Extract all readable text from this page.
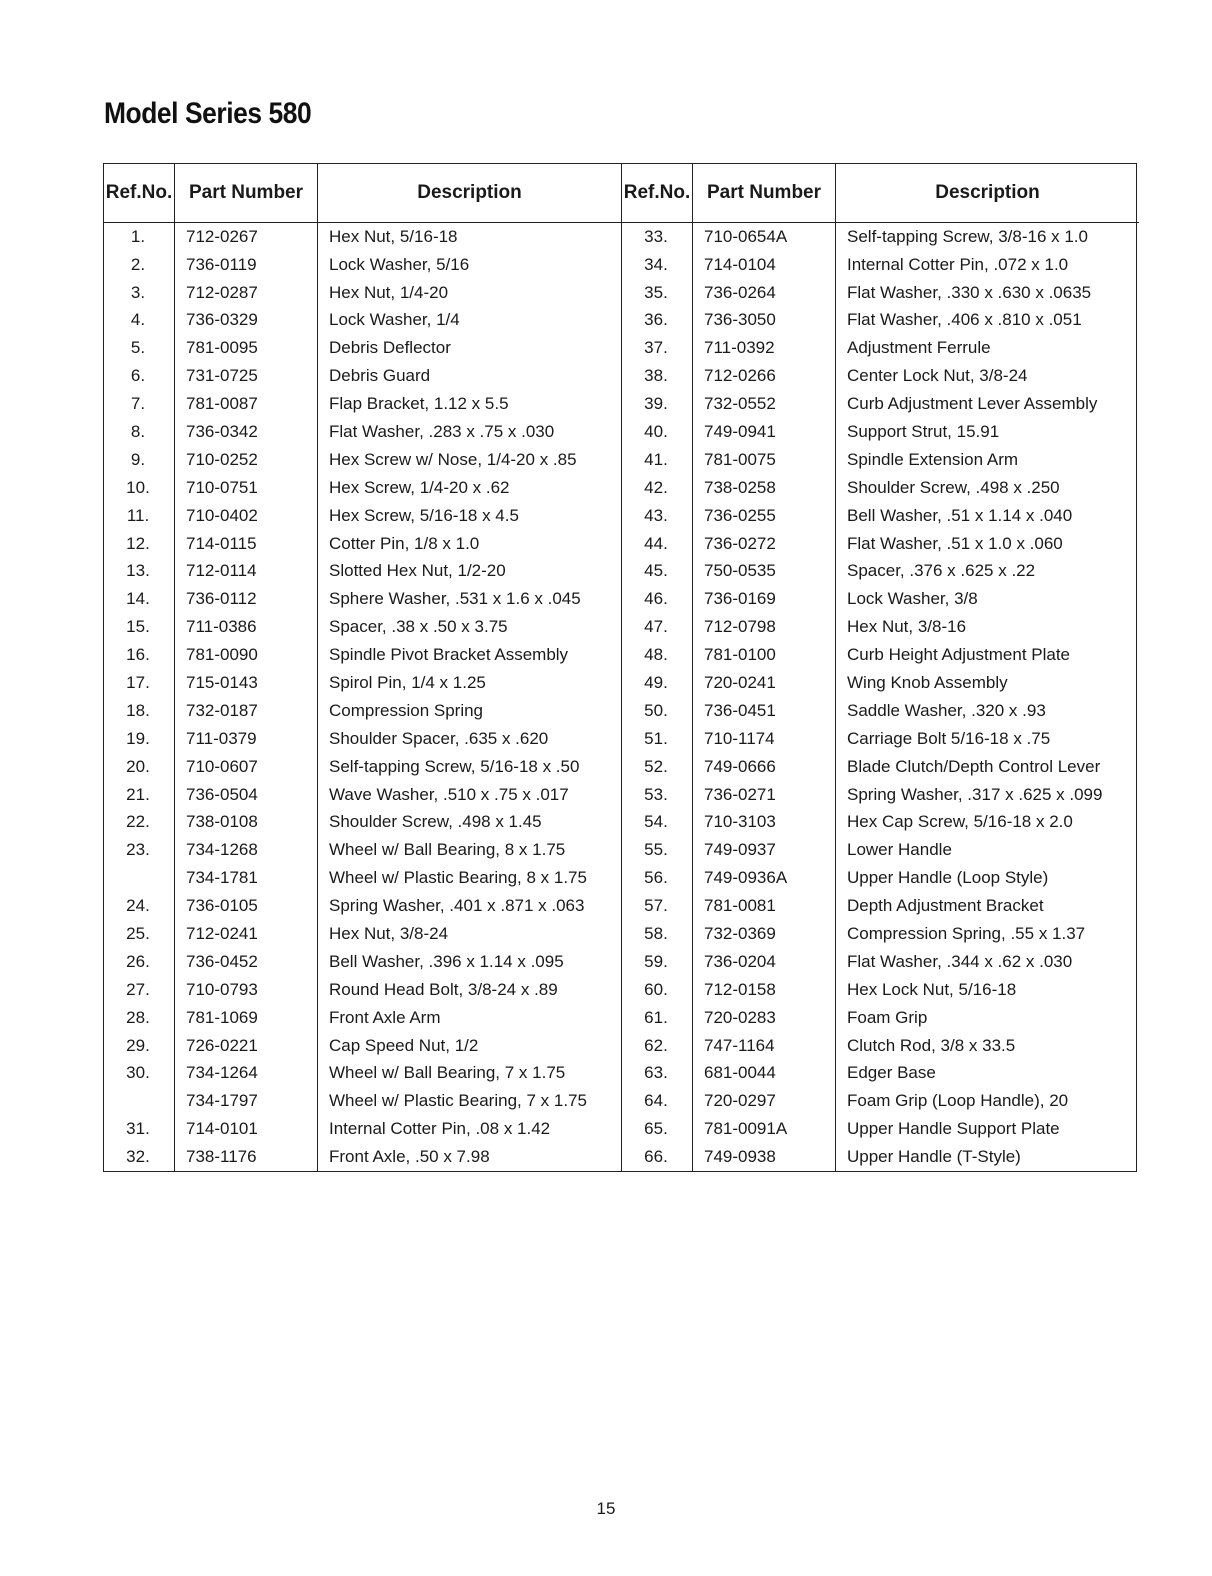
Model Series 580
Ref. No. Part Number	Description
1.
2.
3.
4.
5.
6.
7.
8.
9.
10.
11.
12.
13.
14.
15.
16.
17.
18.
19.
20.
21.
22.
23.
24.
25.
26.
27.
28.
29.
30.
31.
32.
712-0267
736-0119
712-0287
736-0329
781-0095
731-0725
781-0087
736-0342
710-0252
710-0751
710-0402
714-0115
712-0114
736-0112
711-0386
781-0090
715-0143
732-0187
711-0379
710-0607
736-0504
738-0108
734-1268
734-1781
736-0105
712-0241
736-0452
710-0793
781-1069
726-0221
734-1264
734-1797
714-0101
738-1176
Hex Nut, 5/16-18
Lock Washer, 5/16
Hex Nut, 1/4-20
Lock Washer, 1/4
Debris Deflector
Debris Guard
Flap Bracket, 1.12 x 5.5
Flat Washer, .283 x .75 x .030
Hex Screw w/ Nose, 1/4-20 x .85
Hex Screw, 1/4-20 x .62
Hex Screw, 5/16-18 x 4.5
Cotter Pin, 1/8 x 1.0
Slotted Hex Nut, 1/2-20
Sphere Washer, .531 x 1.6 x .045
Spacer, .38 x .50 x 3.75
Spindle Pivot Bracket Assembly
Spirol Pin, 1/4 x 1.25
Compression Spring
Shoulder Spacer, .635 x .620
Self-tapping Screw, 5/16-18 x .50
Wave Washer, .510 x .75 x .017
Shoulder Screw, .498 x 1.45
Wheel w/ Ball Bearing, 8 x 1.75
Wheel w/ Plastic Bearing, 8 x 1.75
Spring Washer, .401 x .871 x .063
Hex Nut, 3/8-24
Bell Washer, .396 x 1.14 x .095
Round Head Bolt, 3/8-24 x .89
Front Axle Arm
Cap Speed Nut, 1/2
Wheel w/ Ball Bearing, 7 x 1.75
Wheel w/ Plastic Bearing, 7 x 1.75
Internal Cotter Pin, .08 x 1.42
Front Axle, .50 x 7.98
Ref. No. Part Number	Description
33.
34.
35.
36.
37.
38.
39.
40.
41.
42.
43.
44.
45.
46.
47.
48.
49.
50.
51.
52.
53.
54.
55.
56.
57.
58.
59.
60.
61.
62.
63.
64.
65.
66.
710-0654A
714-0104
736-0264
736-3050
711-0392
712-0266
732-0552
749-0941
781-0075
738-0258
736-0255
736-0272
750-0535
736-0169
712-0798
781-0100
720-0241
736-0451
710-1174
749-0666
736-0271
710-3103
749-0937
749-0936A
781-0081
732-0369
736-0204
712-0158
720-0283
747-1164
681-0044
720-0297
781-0091A
749-0938
Self-tapping Screw, 3/8-16 x 1.0
Internal Cotter Pin, .072 x 1.0
Flat Washer, .330 x .630 x .0635
Flat Washer, .406 x .810 x .051
Adjustment Ferrule
Center Lock Nut, 3/8-24
Curb Adjustment Lever Assembly
Support Strut, 15.91
Spindle Extension Arm
Shoulder Screw, .498 x .250
Bell Washer, .51 x 1.14 x .040
Flat Washer, .51 x 1.0 x .060
Spacer, .376 x .625 x .22
Lock Washer, 3/8
Hex Nut, 3/8-16
Curb Height Adjustment Plate
Wing Knob Assembly
Saddle Washer, .320 x .93
Carriage Bolt 5/16-18 x .75
Blade Clutch/Depth Control Lever
Spring Washer, .317 x .625 x .099
Hex Cap Screw, 5/16-18 x 2.0
Lower Handle
Upper Handle (Loop Style)
Depth Adjustment Bracket
Compression Spring, .55 x 1.37
Flat Washer, .344 x .62 x .030
Hex Lock Nut, 5/16-18
Foam Grip
Clutch Rod, 3/8 x 33.5
Edger Base
Foam Grip (Loop Handle), 20
Upper Handle Support Plate
Upper Handle (T-Style)
15
